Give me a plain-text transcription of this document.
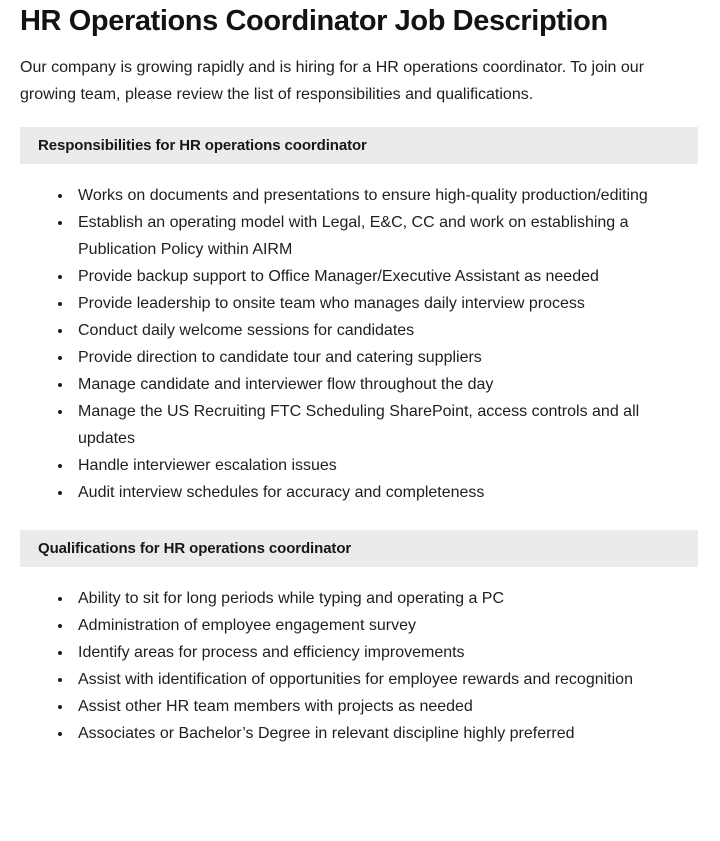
HR Operations Coordinator Job Description

Our company is growing rapidly and is hiring for a HR operations coordinator. To join our growing team, please review the list of responsibilities and qualifications.

Responsibilities for HR operations coordinator
Works on documents and presentations to ensure high-quality production/editing
Establish an operating model with Legal, E&C, CC and work on establishing a Publication Policy within AIRM
Provide backup support to Office Manager/Executive Assistant as needed
Provide leadership to onsite team who manages daily interview process
Conduct daily welcome sessions for candidates
Provide direction to candidate tour and catering suppliers
Manage candidate and interviewer flow throughout the day
Manage the US Recruiting FTC Scheduling SharePoint, access controls and all updates
Handle interviewer escalation issues
Audit interview schedules for accuracy and completeness
Qualifications for HR operations coordinator
Ability to sit for long periods while typing and operating a PC
Administration of employee engagement survey
Identify areas for process and efficiency improvements
Assist with identification of opportunities for employee rewards and recognition
Assist other HR team members with projects as needed
Associates or Bachelor’s Degree in relevant discipline highly preferred
